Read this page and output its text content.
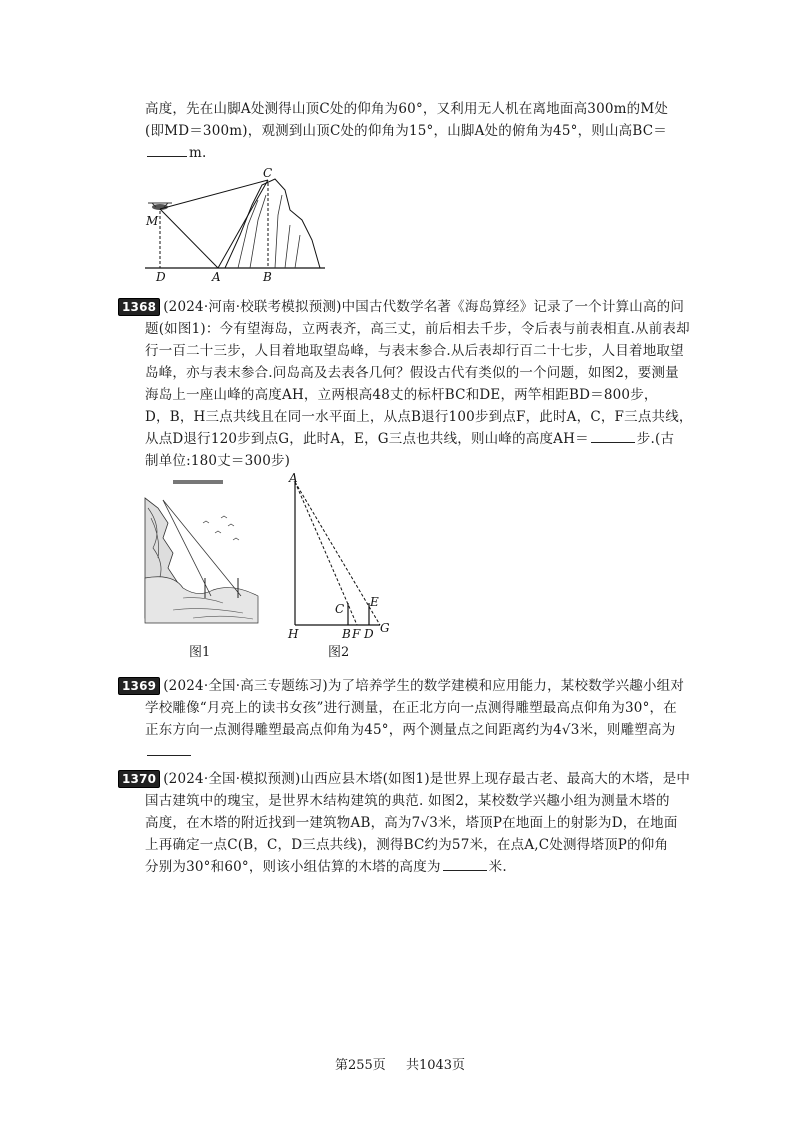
高度，先在山脚A处测得山顶C处的仰角为60°，又利用无人机在离地面高300m的M处
(即MD＝300m)，观测到山顶C处的仰角为15°，山脚A处的俯角为45°，则山高BC＝
m.
C
M
D	A	B
1368 (2024·河南·校联考模拟预测)中国古代数学名著《海岛算经》记录了一个计算山高的问
题(如图1)：今有望海岛，立两表齐，高三丈，前后相去千步，令后表与前表相直.从前表却
行一百二十三步，人目着地取望岛峰，与表末参合.从后表却行百二十七步，人目着地取望
岛峰，亦与表末参合.问岛高及去表各几何？假设古代有类似的一个问题，如图2，要测量
海岛上一座山峰的高度AH，立两根高48丈的标杆BC和DE，两竿相距BD＝800步，
D，B，H三点共线且在同一水平面上，从点B退行100步到点F，此时A，C，F三点共线，
从点D退行120步到点G，此时A，E，G三点也共线，则山峰的高度AH＝	步.(古
制单位:180丈＝300步)
图1
A
C E
H	B F D G
图2
1369 (2024·全国·高三专题练习)为了培养学生的数学建模和应用能力，某校数学兴趣小组对
学校雕像“月亮上的读书女孩”进行测量，在正北方向一点测得雕塑最高点仰角为30°，在
正东方向一点测得雕塑最高点仰角为45°，两个测量点之间距离约为4√3米，则雕塑高为
1370 (2024·全国·模拟预测)山西应县木塔(如图1)是世界上现存最古老、最高大的木塔，是中
国古建筑中的瑰宝，是世界木结构建筑的典范. 如图2，某校数学兴趣小组为测量木塔的
高度，在木塔的附近找到一建筑物AB，高为7√3米，塔顶P在地面上的射影为D，在地面
上再确定一点C(B，C，D三点共线)，测得BC约为57米，在点A,C处测得塔顶P的仰角
分别为30°和60°，则该小组估算的木塔的高度为	米.
第255页 共1043页
